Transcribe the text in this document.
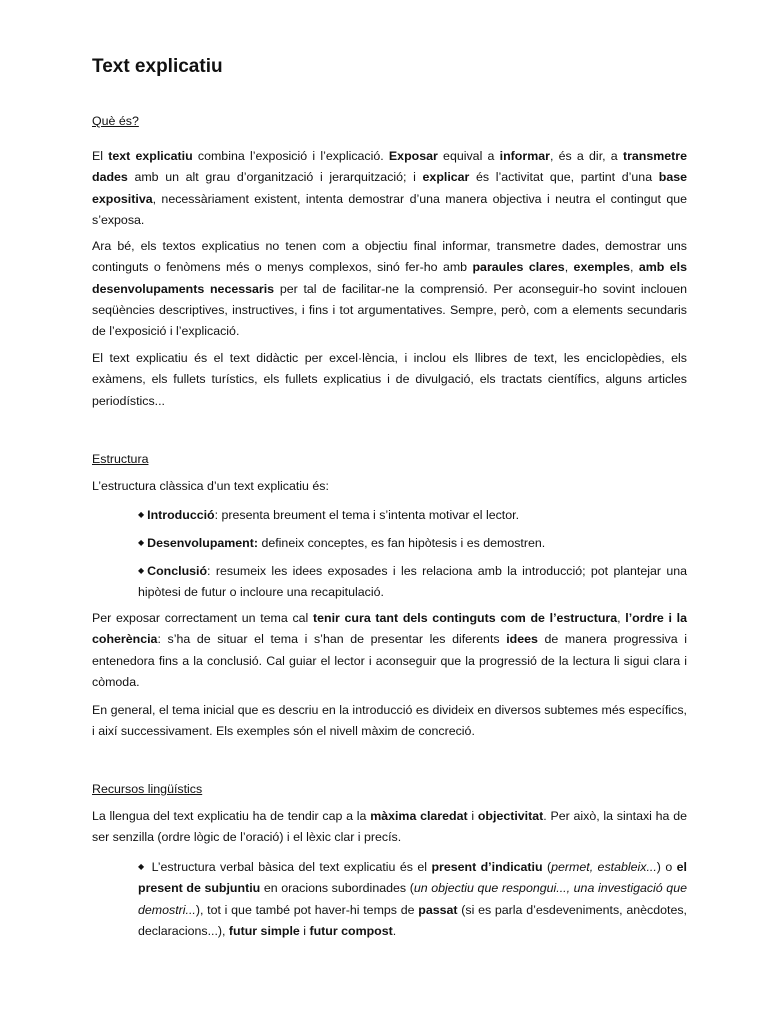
Text explicatiu
Què és?

El text explicatiu combina l’exposició i l’explicació. Exposar equival a informar, és a dir, a transmetre dades amb un alt grau d’organització i jerarquització; i explicar és l’activitat que, partint d’una base expositiva, necessàriament existent, intenta demostrar d’una manera objectiva i neutra el contingut que s’exposa.

Ara bé, els textos explicatius no tenen com a objectiu final informar, transmetre dades, demostrar uns continguts o fenòmens més o menys complexos, sinó fer-ho amb paraules clares, exemples, amb els desenvolupaments necessaris per tal de facilitar-ne la comprensió. Per aconseguir-ho sovint inclouen seqüències descriptives, instructives, i fins i tot argumentatives. Sempre, però, com a elements secundaris de l’exposició i l’explicació.

El text explicatiu és el text didàctic per excel·lència, i inclou els llibres de text, les enciclopèdies, els exàmens, els fullets turístics, els fullets explicatius i de divulgació, els tractats científics, alguns articles periodístics...

Estructura

L’estructura clàssica d’un text explicatiu és:

◆ Introducció: presenta breument el tema i s’intenta motivar el lector.

◆ Desenvolupament: defineix conceptes, es fan hipòtesis i es demostren.

◆ Conclusió: resumeix les idees exposades i les relaciona amb la introducció; pot plantejar una hipòtesi de futur o incloure una recapitulació.

Per exposar correctament un tema cal tenir cura tant dels continguts com de l’estructura, l’ordre i la coherència: s’ha de situar el tema i s’han de presentar les diferents idees de manera progressiva i entenedora fins a la conclusió. Cal guiar el lector i aconseguir que la progressió de la lectura li sigui clara i còmoda.

En general, el tema inicial que es descriu en la introducció es divideix en diversos subtemes més específics, i així successivament. Els exemples són el nivell màxim de concreció.

Recursos lingüístics

La llengua del text explicatiu ha de tendir cap a la màxima claredat i objectivitat. Per això, la sintaxi ha de ser senzilla (ordre lògic de l’oració) i el lèxic clar i precís.

◆ L’estructura verbal bàsica del text explicatiu és el present d’indicatiu (permet, estableix...) o el present de subjuntiu en oracions subordinades (un objectiu que respongui..., una investigació que demostri...), tot i que també pot haver-hi temps de passat (si es parla d’esdeveniments, anècdotes, declaracions...), futur simple i futur compost.
